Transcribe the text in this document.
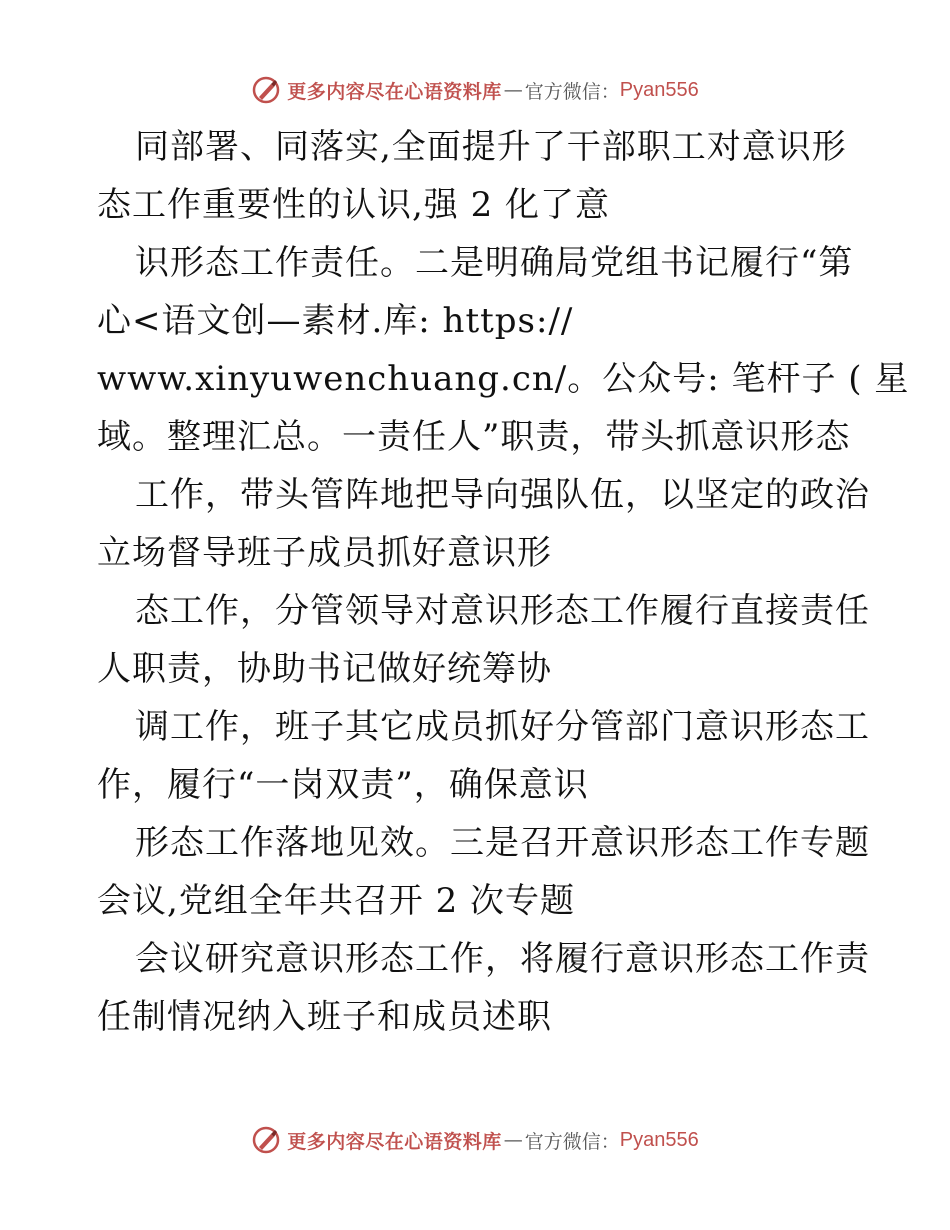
更多内容尽在心语资料库 — 官方微信： Pyan556
同部署、同落实,全面提升了干部职工对意识形
态工作重要性的认识,强 2 化了意
识形态工作责任。二是明确局党组书记履行“第
心<语文创—素材.库: https://
www.xinyuwenchuang.cn/。公众号: 笔杆子 ( 星
域。整理汇总。一责任人”职责，带头抓意识形态
工作，带头管阵地把导向强队伍，以坚定的政治
立场督导班子成员抓好意识形
态工作，分管领导对意识形态工作履行直接责任
人职责，协助书记做好统筹协
调工作，班子其它成员抓好分管部门意识形态工
作，履行“一岗双责”，确保意识
形态工作落地见效。三是召开意识形态工作专题
会议,党组全年共召开 2 次专题
会议研究意识形态工作，将履行意识形态工作责
任制情况纳入班子和成员述职
更多内容尽在心语资料库 — 官方微信： Pyan556
